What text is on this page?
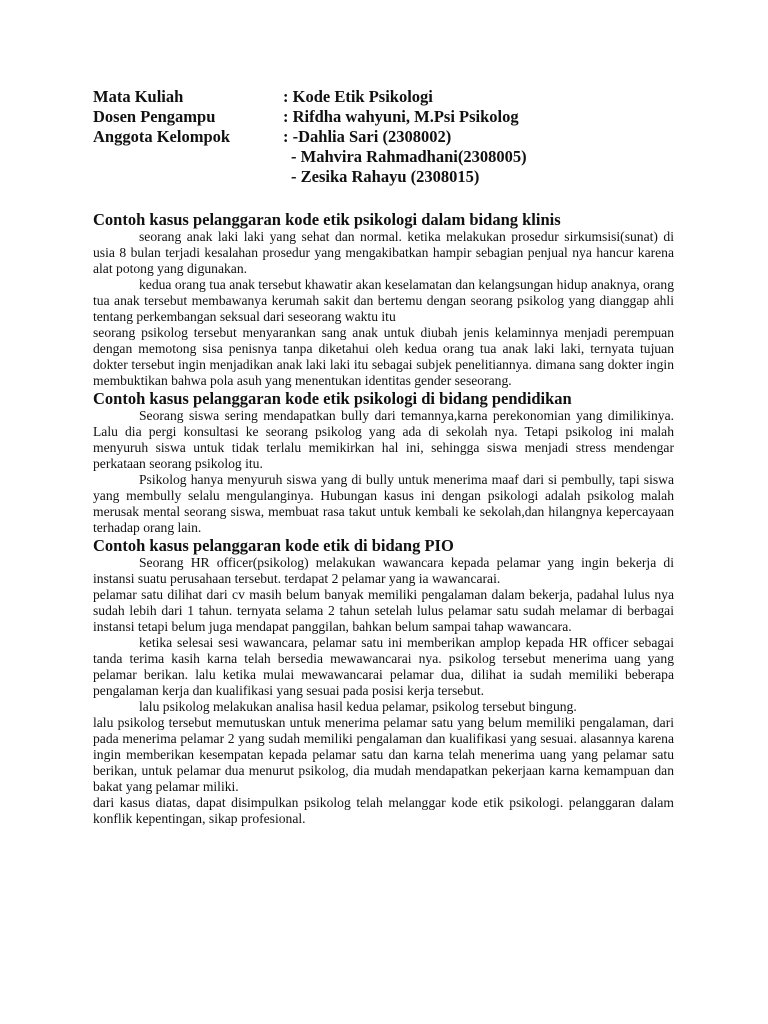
Mata Kuliah	: Kode Etik Psikologi
Dosen Pengampu	: Rifdha wahyuni, M.Psi Psikolog
Anggota Kelompok	: -Dahlia Sari (2308002)
- Mahvira Rahmadhani(2308005)
- Zesika Rahayu (2308015)
Contoh kasus pelanggaran kode etik psikologi dalam bidang klinis

seorang anak laki laki yang sehat dan normal. ketika melakukan prosedur sirkumsisi(sunat) di usia 8 bulan terjadi kesalahan prosedur yang mengakibatkan hampir sebagian penjual nya hancur karena alat potong yang digunakan.

kedua orang tua anak tersebut khawatir akan keselamatan dan kelangsungan hidup anaknya, orang tua anak tersebut membawanya kerumah sakit dan bertemu dengan seorang psikolog yang dianggap ahli tentang perkembangan seksual dari seseorang waktu itu

seorang psikolog tersebut menyarankan sang anak untuk diubah jenis kelaminnya menjadi perempuan dengan memotong sisa penisnya tanpa diketahui oleh kedua orang tua anak laki laki, ternyata tujuan dokter tersebut ingin menjadikan anak laki laki itu sebagai subjek penelitiannya. dimana sang dokter ingin membuktikan bahwa pola asuh yang menentukan identitas gender seseorang.

Contoh kasus pelanggaran kode etik psikologi di bidang pendidikan

Seorang siswa sering mendapatkan bully dari temannya,karna perekonomian yang dimilikinya. Lalu dia pergi konsultasi ke seorang psikolog yang ada di sekolah nya. Tetapi psikolog ini malah menyuruh siswa untuk tidak terlalu memikirkan hal ini, sehingga siswa menjadi stress mendengar perkataan seorang psikolog itu.

Psikolog hanya menyuruh siswa yang di bully untuk menerima maaf dari si pembully, tapi siswa yang membully selalu mengulanginya. Hubungan kasus ini dengan psikologi adalah psikolog malah merusak mental seorang siswa, membuat rasa takut untuk kembali ke sekolah,dan hilangnya kepercayaan terhadap orang lain.

Contoh kasus pelanggaran kode etik di bidang PIO

Seorang HR officer(psikolog) melakukan wawancara kepada pelamar yang ingin bekerja di instansi suatu perusahaan tersebut. terdapat 2 pelamar yang ia wawancarai.

pelamar satu dilihat dari cv masih belum banyak memiliki pengalaman dalam bekerja, padahal lulus nya sudah lebih dari 1 tahun. ternyata selama 2 tahun setelah lulus pelamar satu sudah melamar di berbagai instansi tetapi belum juga mendapat panggilan, bahkan belum sampai tahap wawancara.

ketika selesai sesi wawancara, pelamar satu ini memberikan amplop kepada HR officer sebagai tanda terima kasih karna telah bersedia mewawancarai nya. psikolog tersebut menerima uang yang pelamar berikan. lalu ketika mulai mewawancarai pelamar dua, dilihat ia sudah memiliki beberapa pengalaman kerja dan kualifikasi yang sesuai pada posisi kerja tersebut.

lalu psikolog melakukan analisa hasil kedua pelamar, psikolog tersebut bingung.

lalu psikolog tersebut memutuskan untuk menerima pelamar satu yang belum memiliki pengalaman, dari pada menerima pelamar 2 yang sudah memiliki pengalaman dan kualifikasi yang sesuai. alasannya karena ingin memberikan kesempatan kepada pelamar satu dan karna telah menerima uang yang pelamar satu berikan, untuk pelamar dua menurut psikolog, dia mudah mendapatkan pekerjaan karna kemampuan dan bakat yang pelamar miliki.

dari kasus diatas, dapat disimpulkan psikolog telah melanggar kode etik psikologi. pelanggaran dalam konflik kepentingan, sikap profesional.
